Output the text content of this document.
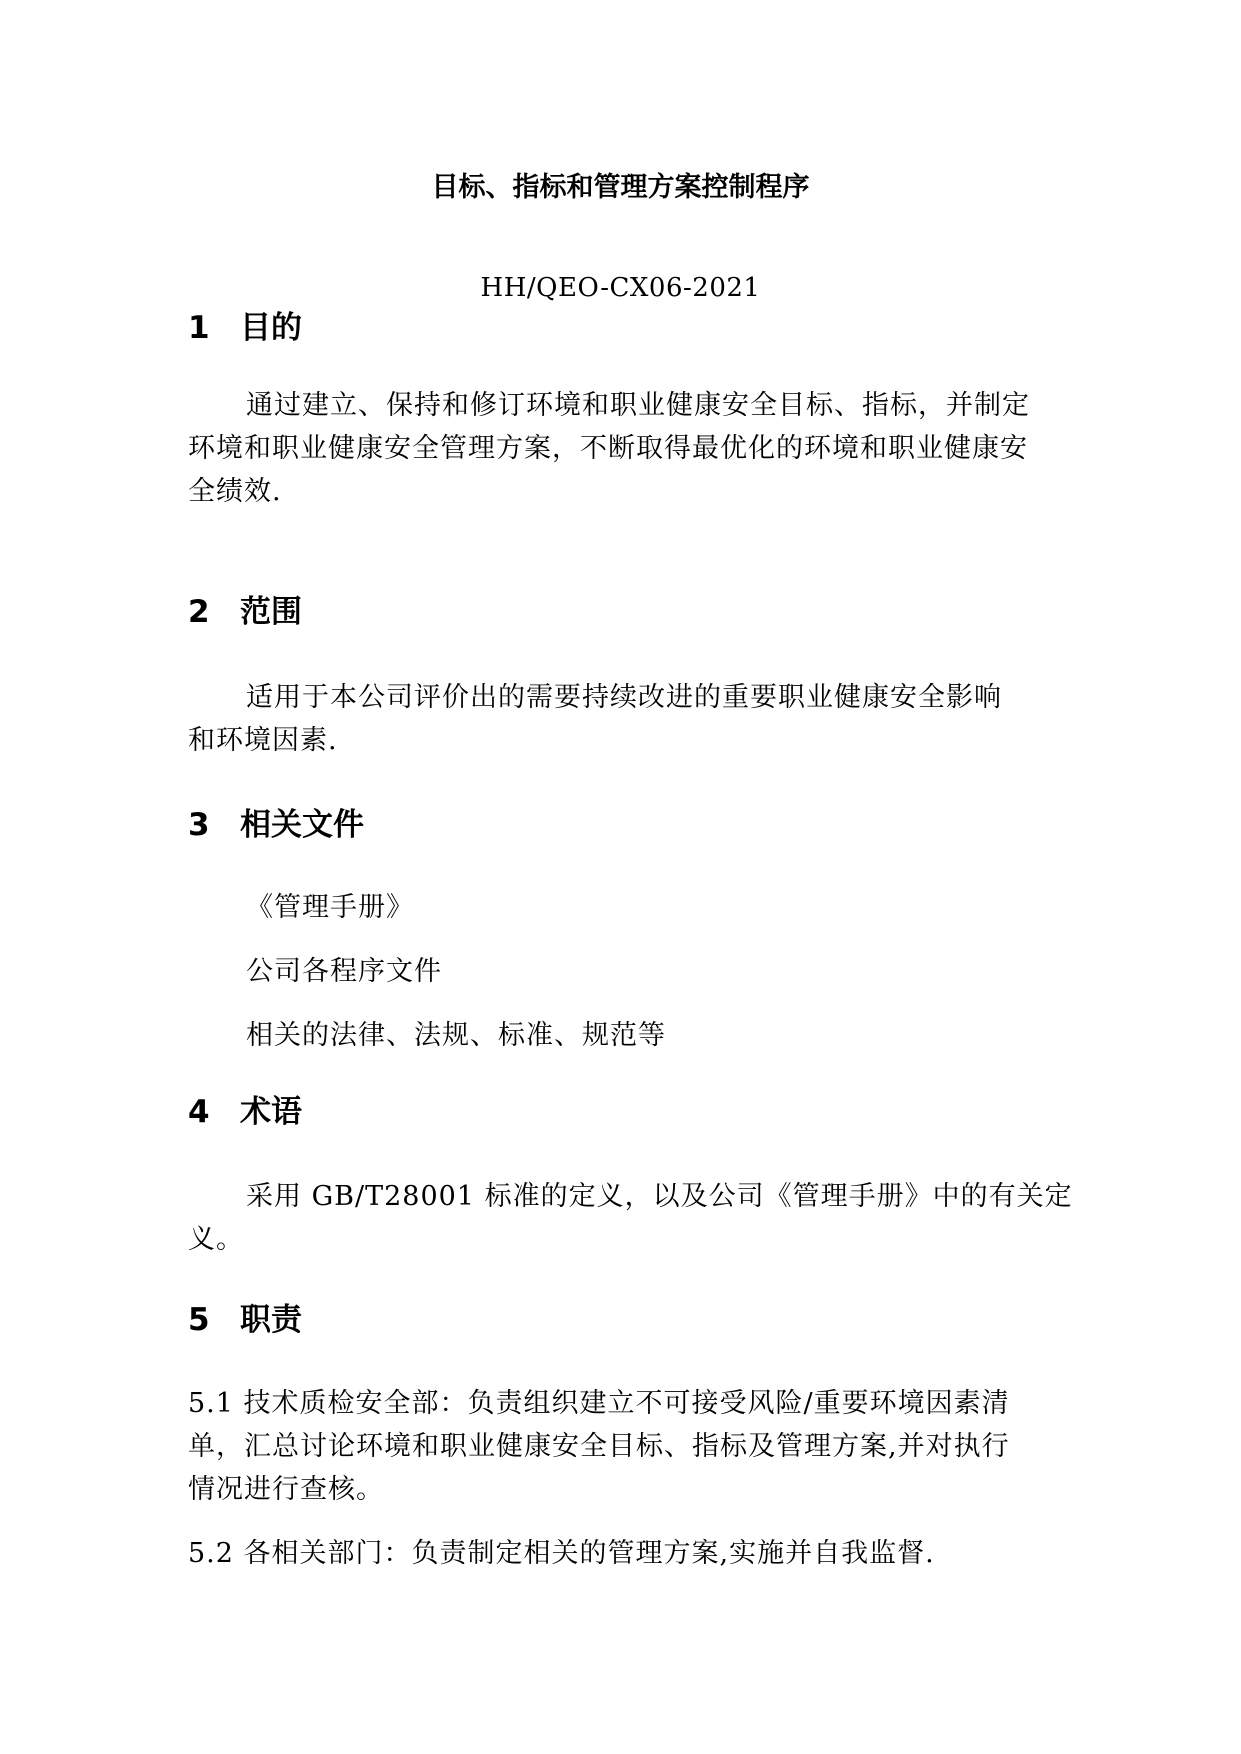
目标、指标和管理方案控制程序
HH/QEO-CX06-2021
1 目的
通过建立、保持和修订环境和职业健康安全目标、指标，并制定
环境和职业健康安全管理方案，不断取得最优化的环境和职业健康安
全绩效.
2 范围
适用于本公司评价出的需要持续改进的重要职业健康安全影响
和环境因素.
3 相关文件
《管理手册》
公司各程序文件
相关的法律、法规、标准、规范等
4 术语
采用 GB/T28001 标准的定义，以及公司《管理手册》中的有关定
义。
5 职责
5.1 技术质检安全部：负责组织建立不可接受风险/重要环境因素清
单，汇总讨论环境和职业健康安全目标、指标及管理方案,并对执行
情况进行查核。
5.2 各相关部门：负责制定相关的管理方案,实施并自我监督.
